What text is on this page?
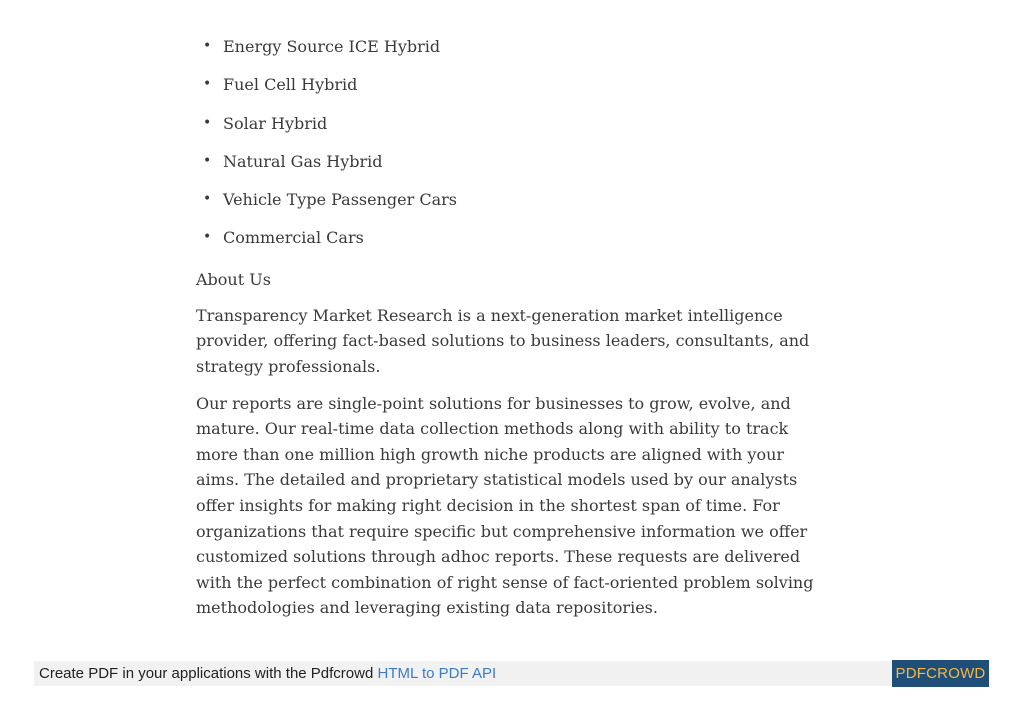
• Energy Source ICE Hybrid
• Fuel Cell Hybrid
• Solar Hybrid
• Natural Gas Hybrid
• Vehicle Type Passenger Cars
• Commercial Cars
About Us

Transparency Market Research is a next-generation market intelligence provider, offering fact-based solutions to business leaders, consultants, and strategy professionals.

Our reports are single-point solutions for businesses to grow, evolve, and mature. Our real-time data collection methods along with ability to track more than one million high growth niche products are aligned with your aims. The detailed and proprietary statistical models used by our analysts offer insights for making right decision in the shortest span of time. For organizations that require specific but comprehensive information we offer customized solutions through adhoc reports. These requests are delivered with the perfect combination of right sense of fact-oriented problem solving methodologies and leveraging existing data repositories.

Create PDF in your applications with the Pdfcrowd HTML to PDF API	PDFCROWD
